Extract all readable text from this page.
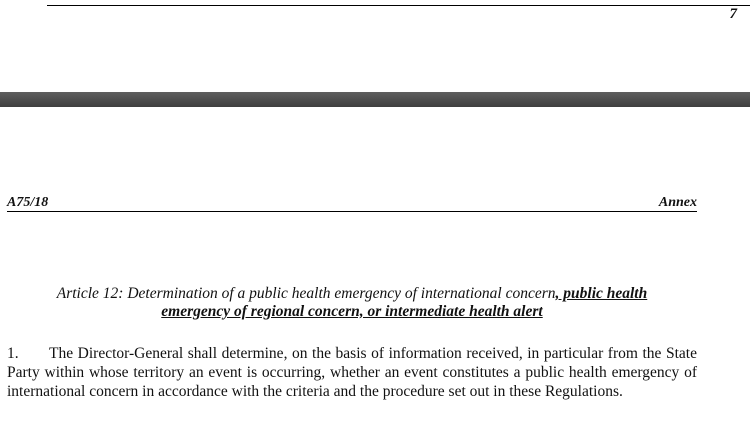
7
A75/18	Annex
Article 12: Determination of a public health emergency of international concern, public health
emergency of regional concern, or intermediate health alert
1. The Director-General shall determine, on the basis of information received, in particular from the State Party within whose territory an event is occurring, whether an event constitutes a public health emergency of international concern in accordance with the criteria and the procedure set out in these Regulations.
